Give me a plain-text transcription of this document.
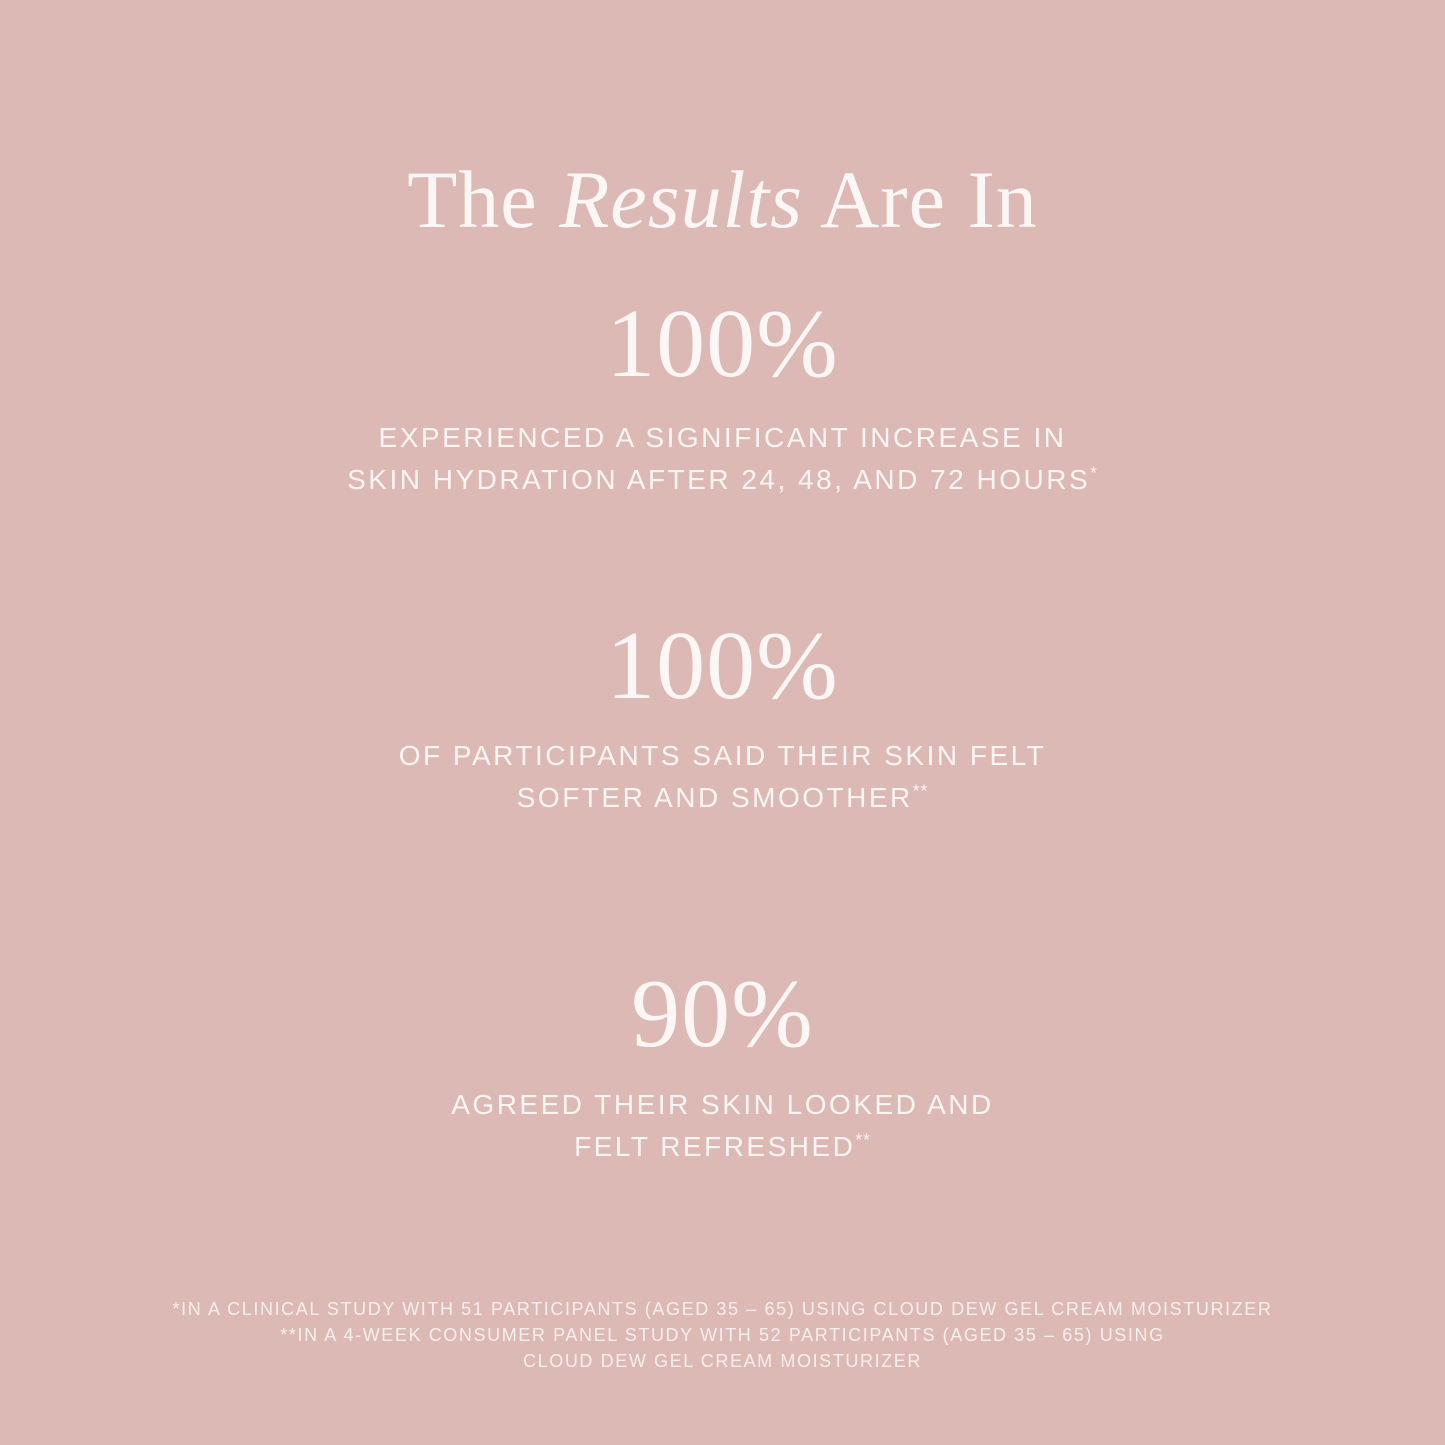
The Results Are In
100%
EXPERIENCED A SIGNIFICANT INCREASE IN
SKIN HYDRATION AFTER 24, 48, AND 72 HOURS*
100%
OF PARTICIPANTS SAID THEIR SKIN FELT
SOFTER AND SMOOTHER**
90%
AGREED THEIR SKIN LOOKED AND
FELT REFRESHED**
*IN A CLINICAL STUDY WITH 51 PARTICIPANTS (AGED 35 – 65) USING CLOUD DEW GEL CREAM MOISTURIZER
**IN A 4-WEEK CONSUMER PANEL STUDY WITH 52 PARTICIPANTS (AGED 35 – 65) USING
CLOUD DEW GEL CREAM MOISTURIZER
